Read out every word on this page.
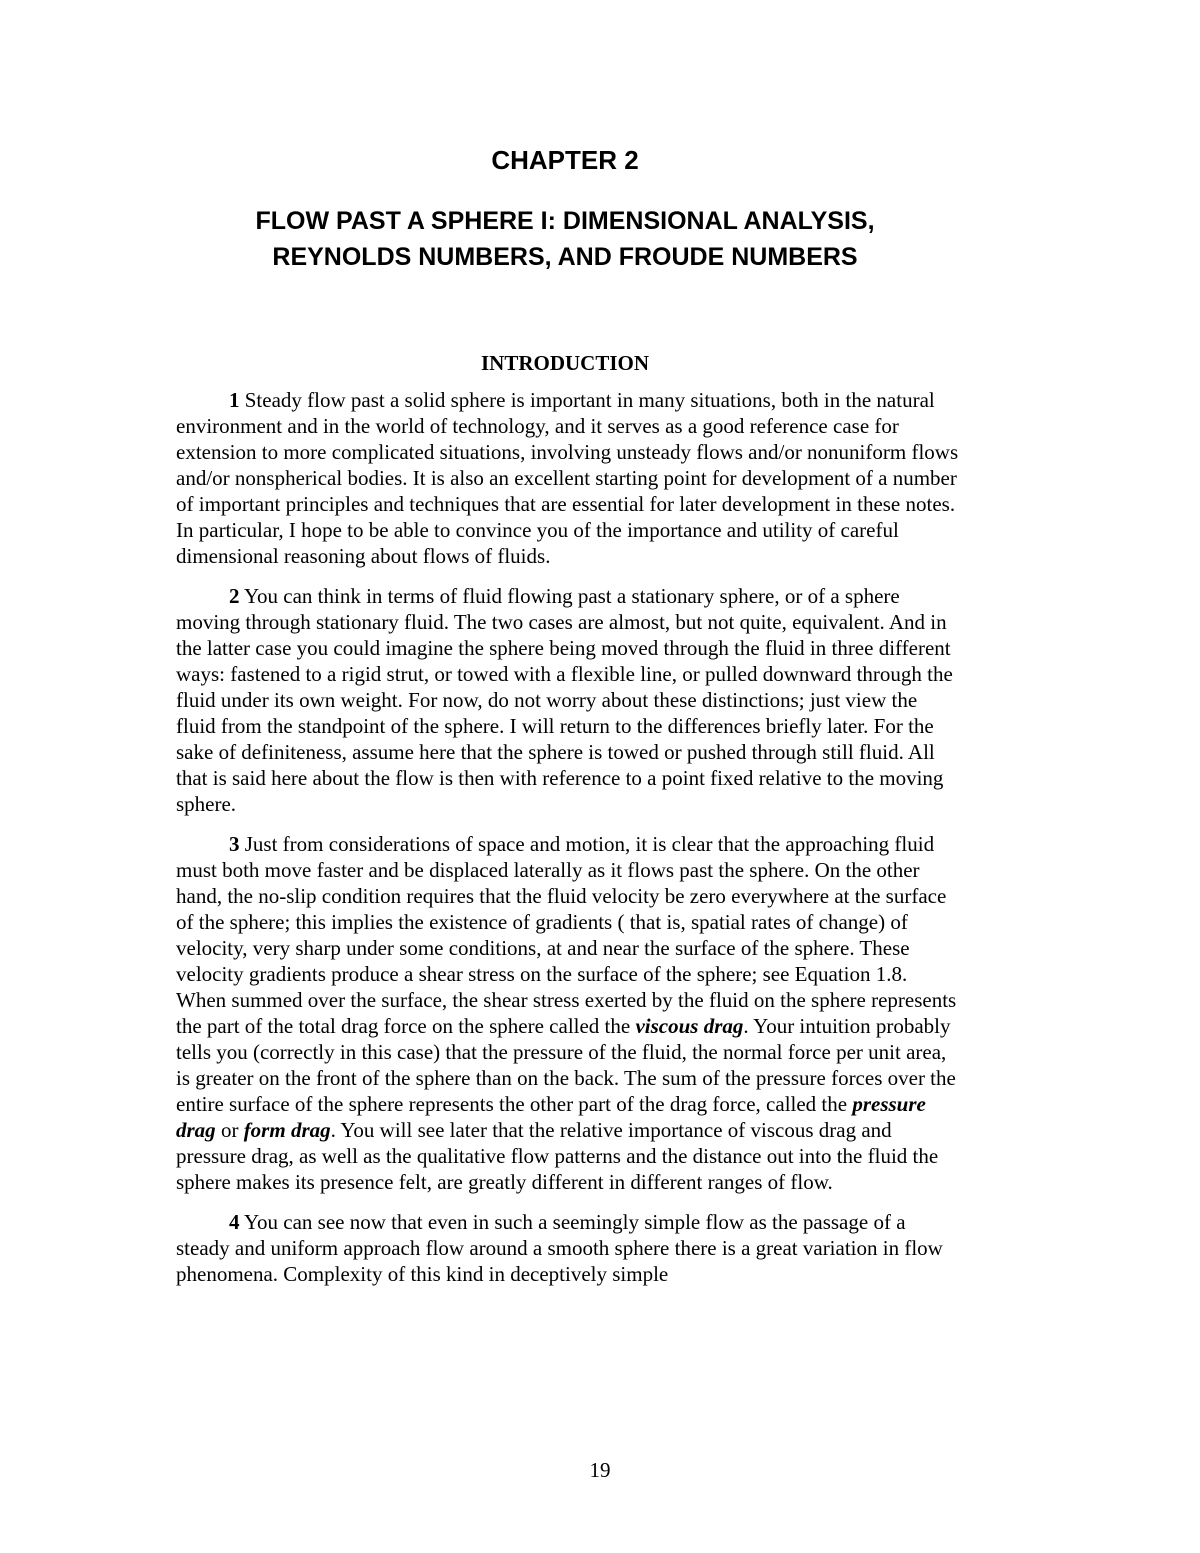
CHAPTER 2
FLOW PAST A SPHERE I: DIMENSIONAL ANALYSIS,
REYNOLDS NUMBERS, AND FROUDE NUMBERS
INTRODUCTION

1 Steady flow past a solid sphere is important in many situations, both in the natural environment and in the world of technology, and it serves as a good reference case for extension to more complicated situations, involving unsteady flows and/or nonuniform flows and/or nonspherical bodies. It is also an excellent starting point for development of a number of important principles and techniques that are essential for later development in these notes. In particular, I hope to be able to convince you of the importance and utility of careful dimensional reasoning about flows of fluids.

2 You can think in terms of fluid flowing past a stationary sphere, or of a sphere moving through stationary fluid. The two cases are almost, but not quite, equivalent. And in the latter case you could imagine the sphere being moved through the fluid in three different ways: fastened to a rigid strut, or towed with a flexible line, or pulled downward through the fluid under its own weight. For now, do not worry about these distinctions; just view the fluid from the standpoint of the sphere. I will return to the differences briefly later. For the sake of definiteness, assume here that the sphere is towed or pushed through still fluid. All that is said here about the flow is then with reference to a point fixed relative to the moving sphere.

3 Just from considerations of space and motion, it is clear that the approaching fluid must both move faster and be displaced laterally as it flows past the sphere. On the other hand, the no-slip condition requires that the fluid velocity be zero everywhere at the surface of the sphere; this implies the existence of gradients ( that is, spatial rates of change) of velocity, very sharp under some conditions, at and near the surface of the sphere. These velocity gradients produce a shear stress on the surface of the sphere; see Equation 1.8. When summed over the surface, the shear stress exerted by the fluid on the sphere represents the part of the total drag force on the sphere called the viscous drag. Your intuition probably tells you (correctly in this case) that the pressure of the fluid, the normal force per unit area, is greater on the front of the sphere than on the back. The sum of the pressure forces over the entire surface of the sphere represents the other part of the drag force, called the pressure drag or form drag. You will see later that the relative importance of viscous drag and pressure drag, as well as the qualitative flow patterns and the distance out into the fluid the sphere makes its presence felt, are greatly different in different ranges of flow.

4 You can see now that even in such a seemingly simple flow as the passage of a steady and uniform approach flow around a smooth sphere there is a great variation in flow phenomena. Complexity of this kind in deceptively simple

19
